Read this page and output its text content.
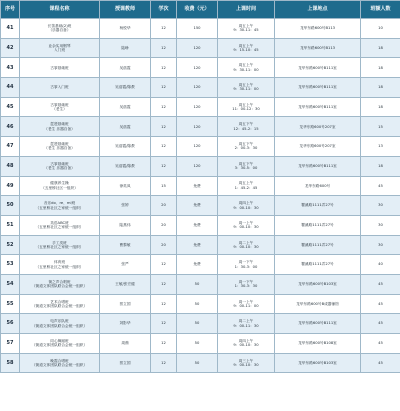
序号	课程名称	授课教师	学次	收费（元）	上课时间	上课地点	班额人数
41	长笛基础(2)班
（乐器自备）	杨悦华	12	150	周五上午
9：30-11：45	龙华东路600号B113	10
42	业余实用钢琴
入门班	陆峥	12	120	周五上午
9：15-10：45	龙华东路600号B113	18
43	古筝基础班	吴蓓霞	12	120	周五上午
9：30-11：00	龙华东路600号B111室	18
44	古筝入门班	吴蓓霞/陈教	12	120	周五上午
9：30-11：00	龙华东路600号B111室	18
45	古筝基础班
（老生）	吴蓓霞	12	120	周五上午
11：00-12：30	龙华东路600号B111室	18
46	琵琶基础班
（老生 乐器自备）	吴蓓霞	12	120	周五下午
12：45-2：15	龙华东路600号207室	15
47	琵琶基础班
（老生 乐器自备）	吴蓓霞/陈教	12	120	周五下午
2：00-3：30	龙华东路600号207室	13
48	古筝基础班
（老生 乐器自备）	吴蓓霞/陈教	12	120	周五下午
3：30-5：00	龙华东路600号B111室	18
49	健康养生操
（五里桥社区一组织）	徐英凤	15	免费	周五上午
1：45-2：45	龙华东路600号	45
50	音乐do、re、mi班
（五里桥社区之家统一组织）	张婷	20	免费	周四上午
9：00-10：30	瞿溪路1111弄27号	30
51	英语ABC班
（五里桥社区之家统一组织）	陆燕伟	20	免费	周一上午
9：00-10：30	瞿溪路1111弄27号	30
52	手工类班
（五里桥社区之家统一组织）	曹黎敏	20	免费	周二上午
9：00-10：30	瞿溪路1111弄27号	30
53	体育班
（五里桥社区之家统一组织）	张严	12	免费	周一下午
1：30-3：00	瞿溪路1111弄27号	40
54	街之声合唱班
（街道文体团队联合会统一组织）	王敏/张宏健	12	50	周一下午
1：30-3：30	龙华东路600号B103室	45
55	艺术合唱班
（街道文体团队联合会统一组织）	蔡立国	12	50	周一上午
9：00-11：00	龙华东路600号B成器铺馆	45
56	电声乐队班
（街道文体团队联合会统一组织）	刘影华	12	50	周二上午
9：00-11：30	龙华东路600号B111室	45
57	同心舞蹈班
（街道文体团队联合会统一组织）	周鼎	12	50	周四上午
9：00-10：30	龙华东路600号B108室	45
58	晚霞合唱班
（街道文体团队联合会统一组织）	蔡立国	12	50	周三上午
9：00-10：30	龙华东路600号B103室	45
